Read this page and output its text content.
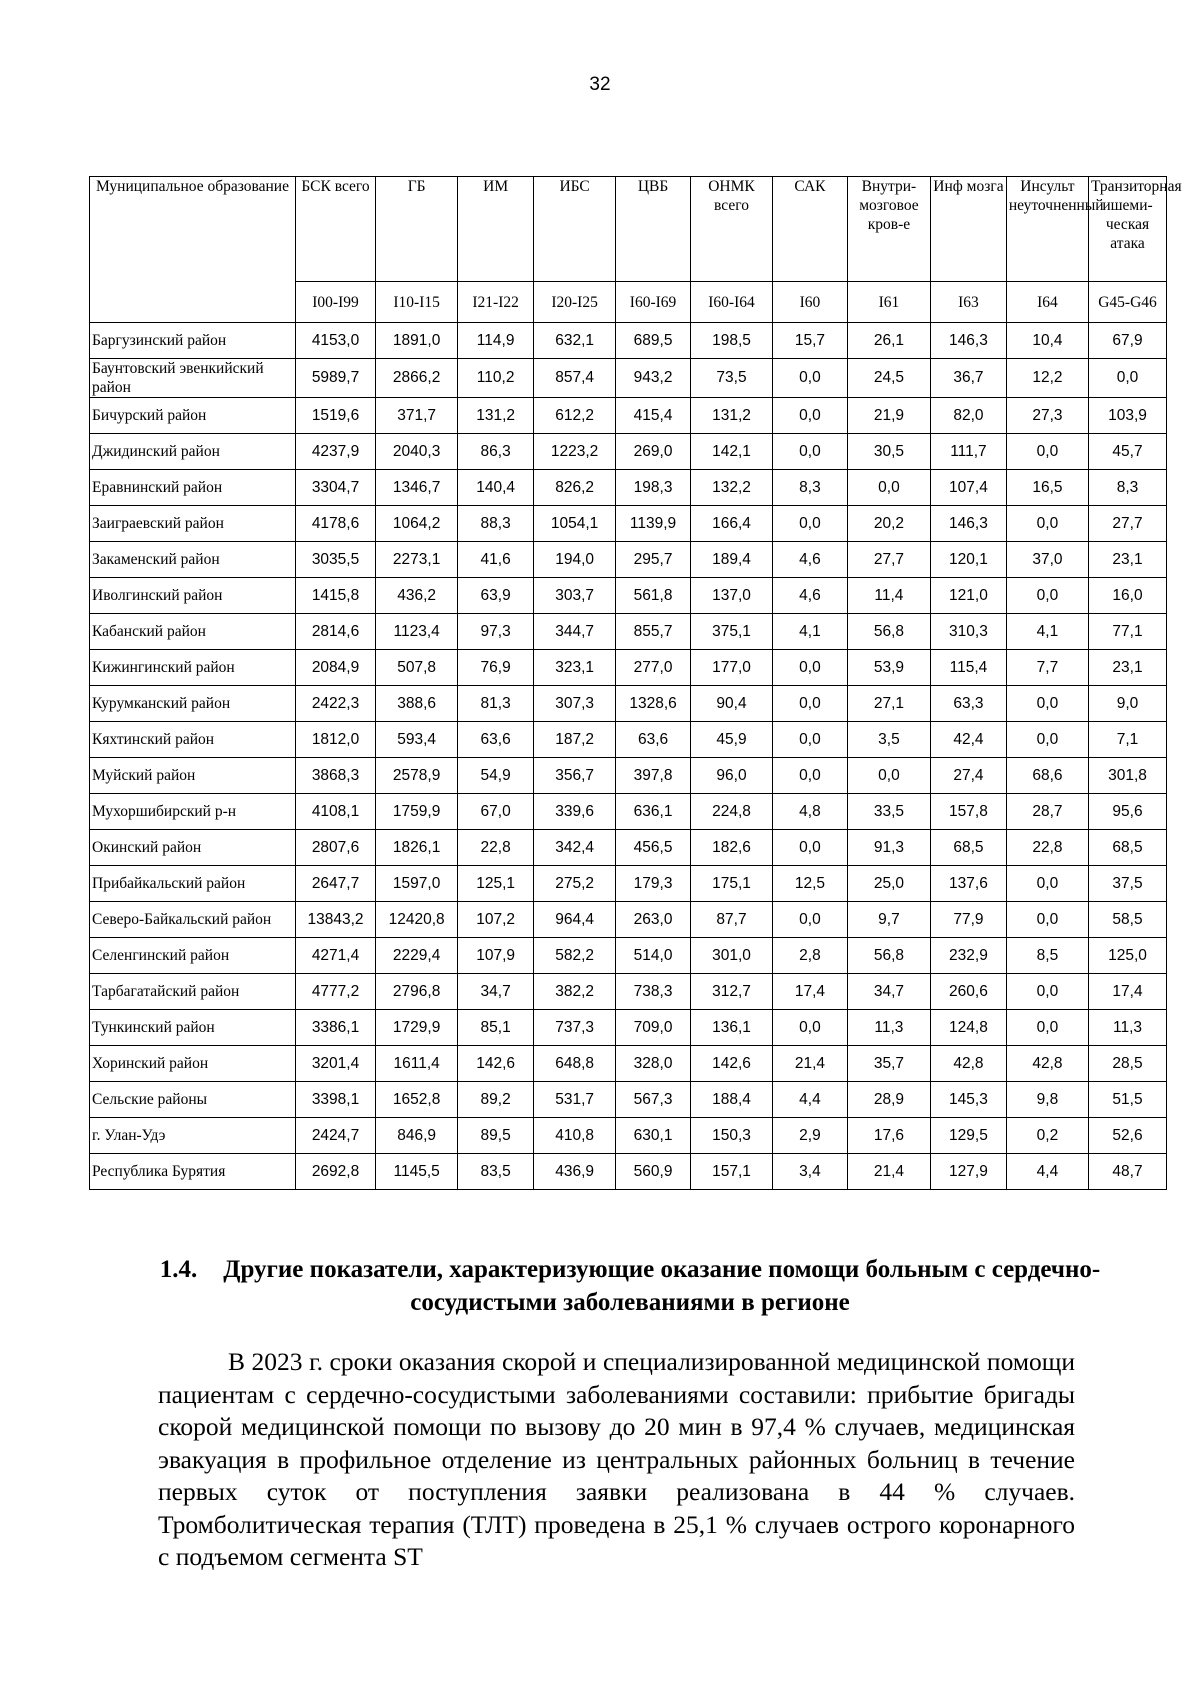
32
Муниципальное образование	БСК всего	ГБ	ИМ	ИБС	ЦВБ	ОНМК всего	САК	Внутри-мозговое кров-е	Инф мозга	Инсульт неуточненный	Транзиторная ишеми-ческая атака
	I00-I99	I10-I15	I21-I22	I20-I25	I60-I69	I60-I64	I60	I61	I63	I64	G45-G46
Баргузинский район	4153,0	1891,0	114,9	632,1	689,5	198,5	15,7	26,1	146,3	10,4	67,9
Баунтовский эвенкийский район	5989,7	2866,2	110,2	857,4	943,2	73,5	0,0	24,5	36,7	12,2	0,0
Бичурский район	1519,6	371,7	131,2	612,2	415,4	131,2	0,0	21,9	82,0	27,3	103,9
Джидинский район	4237,9	2040,3	86,3	1223,2	269,0	142,1	0,0	30,5	111,7	0,0	45,7
Еравнинский район	3304,7	1346,7	140,4	826,2	198,3	132,2	8,3	0,0	107,4	16,5	8,3
Заиграевский район	4178,6	1064,2	88,3	1054,1	1139,9	166,4	0,0	20,2	146,3	0,0	27,7
Закаменский район	3035,5	2273,1	41,6	194,0	295,7	189,4	4,6	27,7	120,1	37,0	23,1
Иволгинский район	1415,8	436,2	63,9	303,7	561,8	137,0	4,6	11,4	121,0	0,0	16,0
Кабанский район	2814,6	1123,4	97,3	344,7	855,7	375,1	4,1	56,8	310,3	4,1	77,1
Кижингинский район	2084,9	507,8	76,9	323,1	277,0	177,0	0,0	53,9	115,4	7,7	23,1
Курумканский район	2422,3	388,6	81,3	307,3	1328,6	90,4	0,0	27,1	63,3	0,0	9,0
Кяхтинский район	1812,0	593,4	63,6	187,2	63,6	45,9	0,0	3,5	42,4	0,0	7,1
Муйский район	3868,3	2578,9	54,9	356,7	397,8	96,0	0,0	0,0	27,4	68,6	301,8
Мухоршибирский р-н	4108,1	1759,9	67,0	339,6	636,1	224,8	4,8	33,5	157,8	28,7	95,6
Окинский район	2807,6	1826,1	22,8	342,4	456,5	182,6	0,0	91,3	68,5	22,8	68,5
Прибайкальский район	2647,7	1597,0	125,1	275,2	179,3	175,1	12,5	25,0	137,6	0,0	37,5
Северо-Байкальский район	13843,2	12420,8	107,2	964,4	263,0	87,7	0,0	9,7	77,9	0,0	58,5
Селенгинский район	4271,4	2229,4	107,9	582,2	514,0	301,0	2,8	56,8	232,9	8,5	125,0
Тарбагатайский район	4777,2	2796,8	34,7	382,2	738,3	312,7	17,4	34,7	260,6	0,0	17,4
Тункинский район	3386,1	1729,9	85,1	737,3	709,0	136,1	0,0	11,3	124,8	0,0	11,3
Хоринский район	3201,4	1611,4	142,6	648,8	328,0	142,6	21,4	35,7	42,8	42,8	28,5
Сельские районы	3398,1	1652,8	89,2	531,7	567,3	188,4	4,4	28,9	145,3	9,8	51,5
г. Улан-Удэ	2424,7	846,9	89,5	410,8	630,1	150,3	2,9	17,6	129,5	0,2	52,6
Республика Бурятия	2692,8	1145,5	83,5	436,9	560,9	157,1	3,4	21,4	127,9	4,4	48,7
1.4. Другие показатели, характеризующие оказание помощи больным с сердечно-сосудистыми заболеваниями в регионе

В 2023 г. сроки оказания скорой и специализированной медицинской помощи пациентам с сердечно-сосудистыми заболеваниями составили: прибытие бригады скорой медицинской помощи по вызову до 20 мин в 97,4 % случаев, медицинская эвакуация в профильное отделение из центральных районных больниц в течение первых суток от поступления заявки реализована в 44 % случаев. Тромболитическая терапия (ТЛТ) проведена в 25,1 % случаев острого коронарного с подъемом сегмента ST
